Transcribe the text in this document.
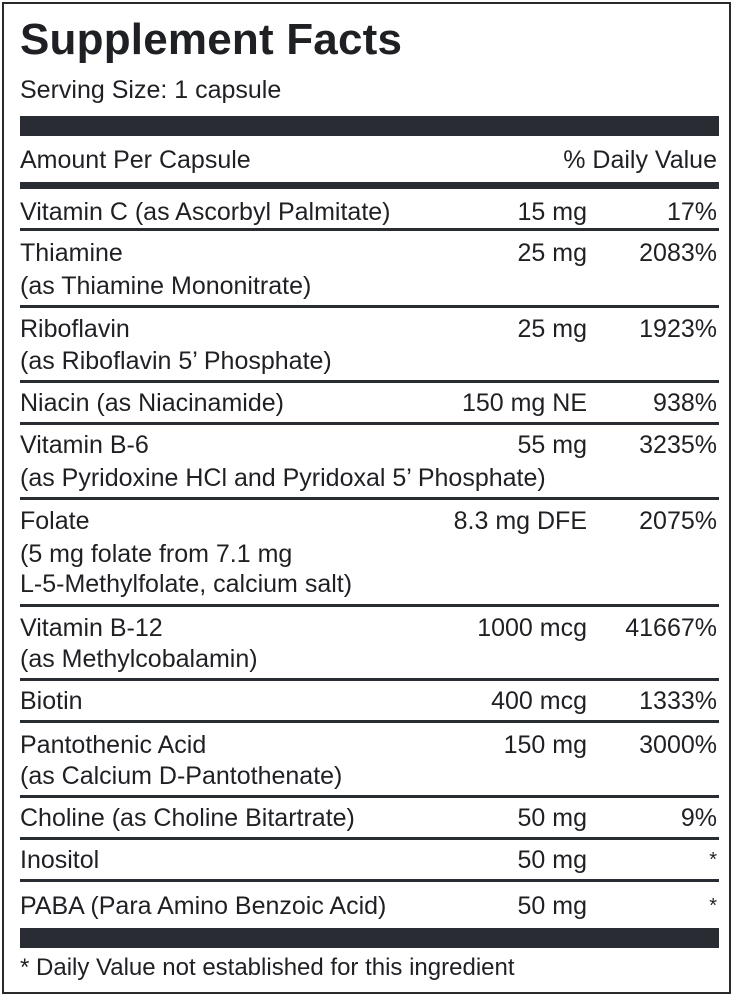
Supplement Facts
Serving Size: 1 capsule
Amount Per Capsule	% Daily Value
Vitamin C (as Ascorbyl Palmitate)	15 mg	17%
Thiamine	25 mg 2083%
(as Thiamine Mononitrate)
Riboflavin	25 mg 1923%
(as Riboflavin 5’ Phosphate)
Niacin (as Niacinamide)	150 mg NE	938%
Vitamin B-6	55 mg 3235%
(as Pyridoxine HCl and Pyridoxal 5’ Phosphate)
Folate	8.3 mg DFE 2075%
(5 mg folate from 7.1 mg
L-5-Methylfolate, calcium salt)
Vitamin B-12	1000 mcg 41667%
(as Methylcobalamin)
Biotin	400 mcg 1333%
Pantothenic Acid	150 mg 3000%
(as Calcium D-Pantothenate)
Choline (as Choline Bitartrate)	50 mg	9%
Inositol	50 mg	*
PABA (Para Amino Benzoic Acid)	50 mg	*
* Daily Value not established for this ingredient
